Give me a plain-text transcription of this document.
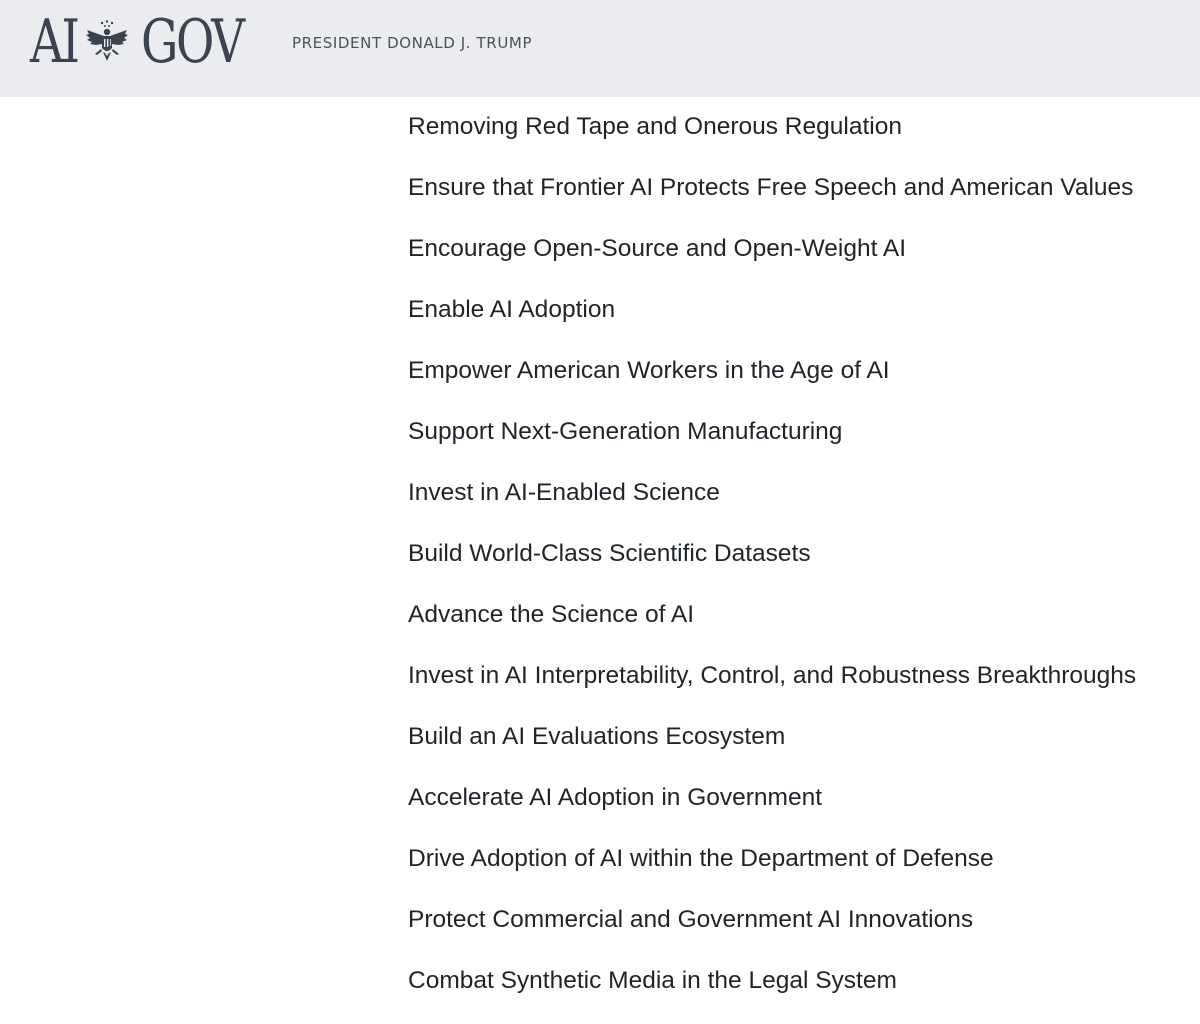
AI GOV	PRESIDENT DONALD J. TRUMP
Removing Red Tape and Onerous Regulation
Ensure that Frontier AI Protects Free Speech and American Values
Encourage Open-Source and Open-Weight AI
Enable AI Adoption
Empower American Workers in the Age of AI
Support Next-Generation Manufacturing
Invest in AI-Enabled Science
Build World-Class Scientific Datasets
Advance the Science of AI
Invest in AI Interpretability, Control, and Robustness Breakthroughs
Build an AI Evaluations Ecosystem
Accelerate AI Adoption in Government
Drive Adoption of AI within the Department of Defense
Protect Commercial and Government AI Innovations
Combat Synthetic Media in the Legal System
